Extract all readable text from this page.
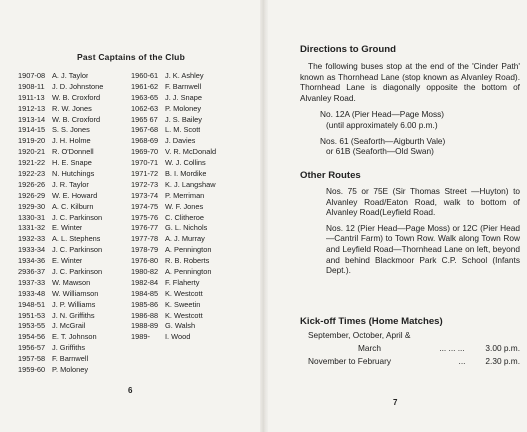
Past Captains of the Club
1907-08 A. J. Taylor	1960-61 J. K. Ashley
1908-11	J. D. Johnstone	1961-62 F. Barnwell
1911-13	W. B. Croxford	1963-65 J. J. Snape
1912-13 R. W. Jones	1062-63 P. Moloney
1913-14 W. B. Croxford	1965 67 J. S. Bailey
1914-15 S. S. Jones	1967-68 L. M. Scott
1919-20 J. H. Holme	1968-69 J. Davies
1920-21 R. O'Donnell	1969-70 V. R. McDonald
1921-22 H. E. Snape	1970-71 W. J. Collins
1922-23 N. Hutchings	1971-72 B. I. Mordike
1926-26 J. R. Taylor	1972-73 K. J. Langshaw
1926-29 W. E. Howard	1973-74 P. Merriman
1929-30 A. C. Kilburn	1974-75 W. F. Jones
1330-31 J. C. Parkinson	1975-76 C. Clitheroe
1331-32 E. Winter	1976-77 G. L. Nichols
1932-33 A. L. Stephens	1977-78 A. J. Murray
1933-34 J. C. Parkinson	1978-79 A. Pennington
1934-36 E. Winter	1976-80 R. B. Roberts
2936-37 J. C. Parkinson	1980-82 A. Pennington
1937-33 W. Mawson	1982-84 F. Flaherty
1933-48 W. Williamson	1984-85 K. Westcott
1948-51 J. P. Williams	1985-86 K. Sweetin
1951-53 J. N. Griffiths	1986-88 K. Westcott
1953-55 J. McGrail	1988-89 G. Walsh
1954-56 E. T. Johnson	1989-	I. Wood
1956-57 J. Griffiths
1957-58 F. Barnwell
1959-60 P. Moloney
6
Directions to Ground
The following buses stop at the end of the 'Cinder Path' known as Thornhead Lane (stop known as Alvanley Road). Thornhead Lane is diagonally opposite the bottom of Alvanley Road.
No. 12A (Pier Head—Page Moss)
(until approximately 6.00 p.m.)
Nos. 61 (Seaforth—Aigburth Vale)
or 61B (Seaforth—Old Swan)
Other Routes
Nos. 75 or 75E (Sir Thomas Street —Huyton) to Alvanley Road/Eaton Road, walk to bottom of Alvanley Road(Leyfield Road.
Nos. 12 (Pier Head—Page Moss) or 12C (Pier Head—Cantril Farm) to Town Row. Walk along Town Row and Leyfield Road—Thornhead Lane on left, beyond and behind Blackmoor Park C.P. School (Infants Dept.).
Kick-off Times (Home Matches)
September, October, April &
March	... ... ...	3.00 p.m.
November to February	...	2.30 p.m.
7
